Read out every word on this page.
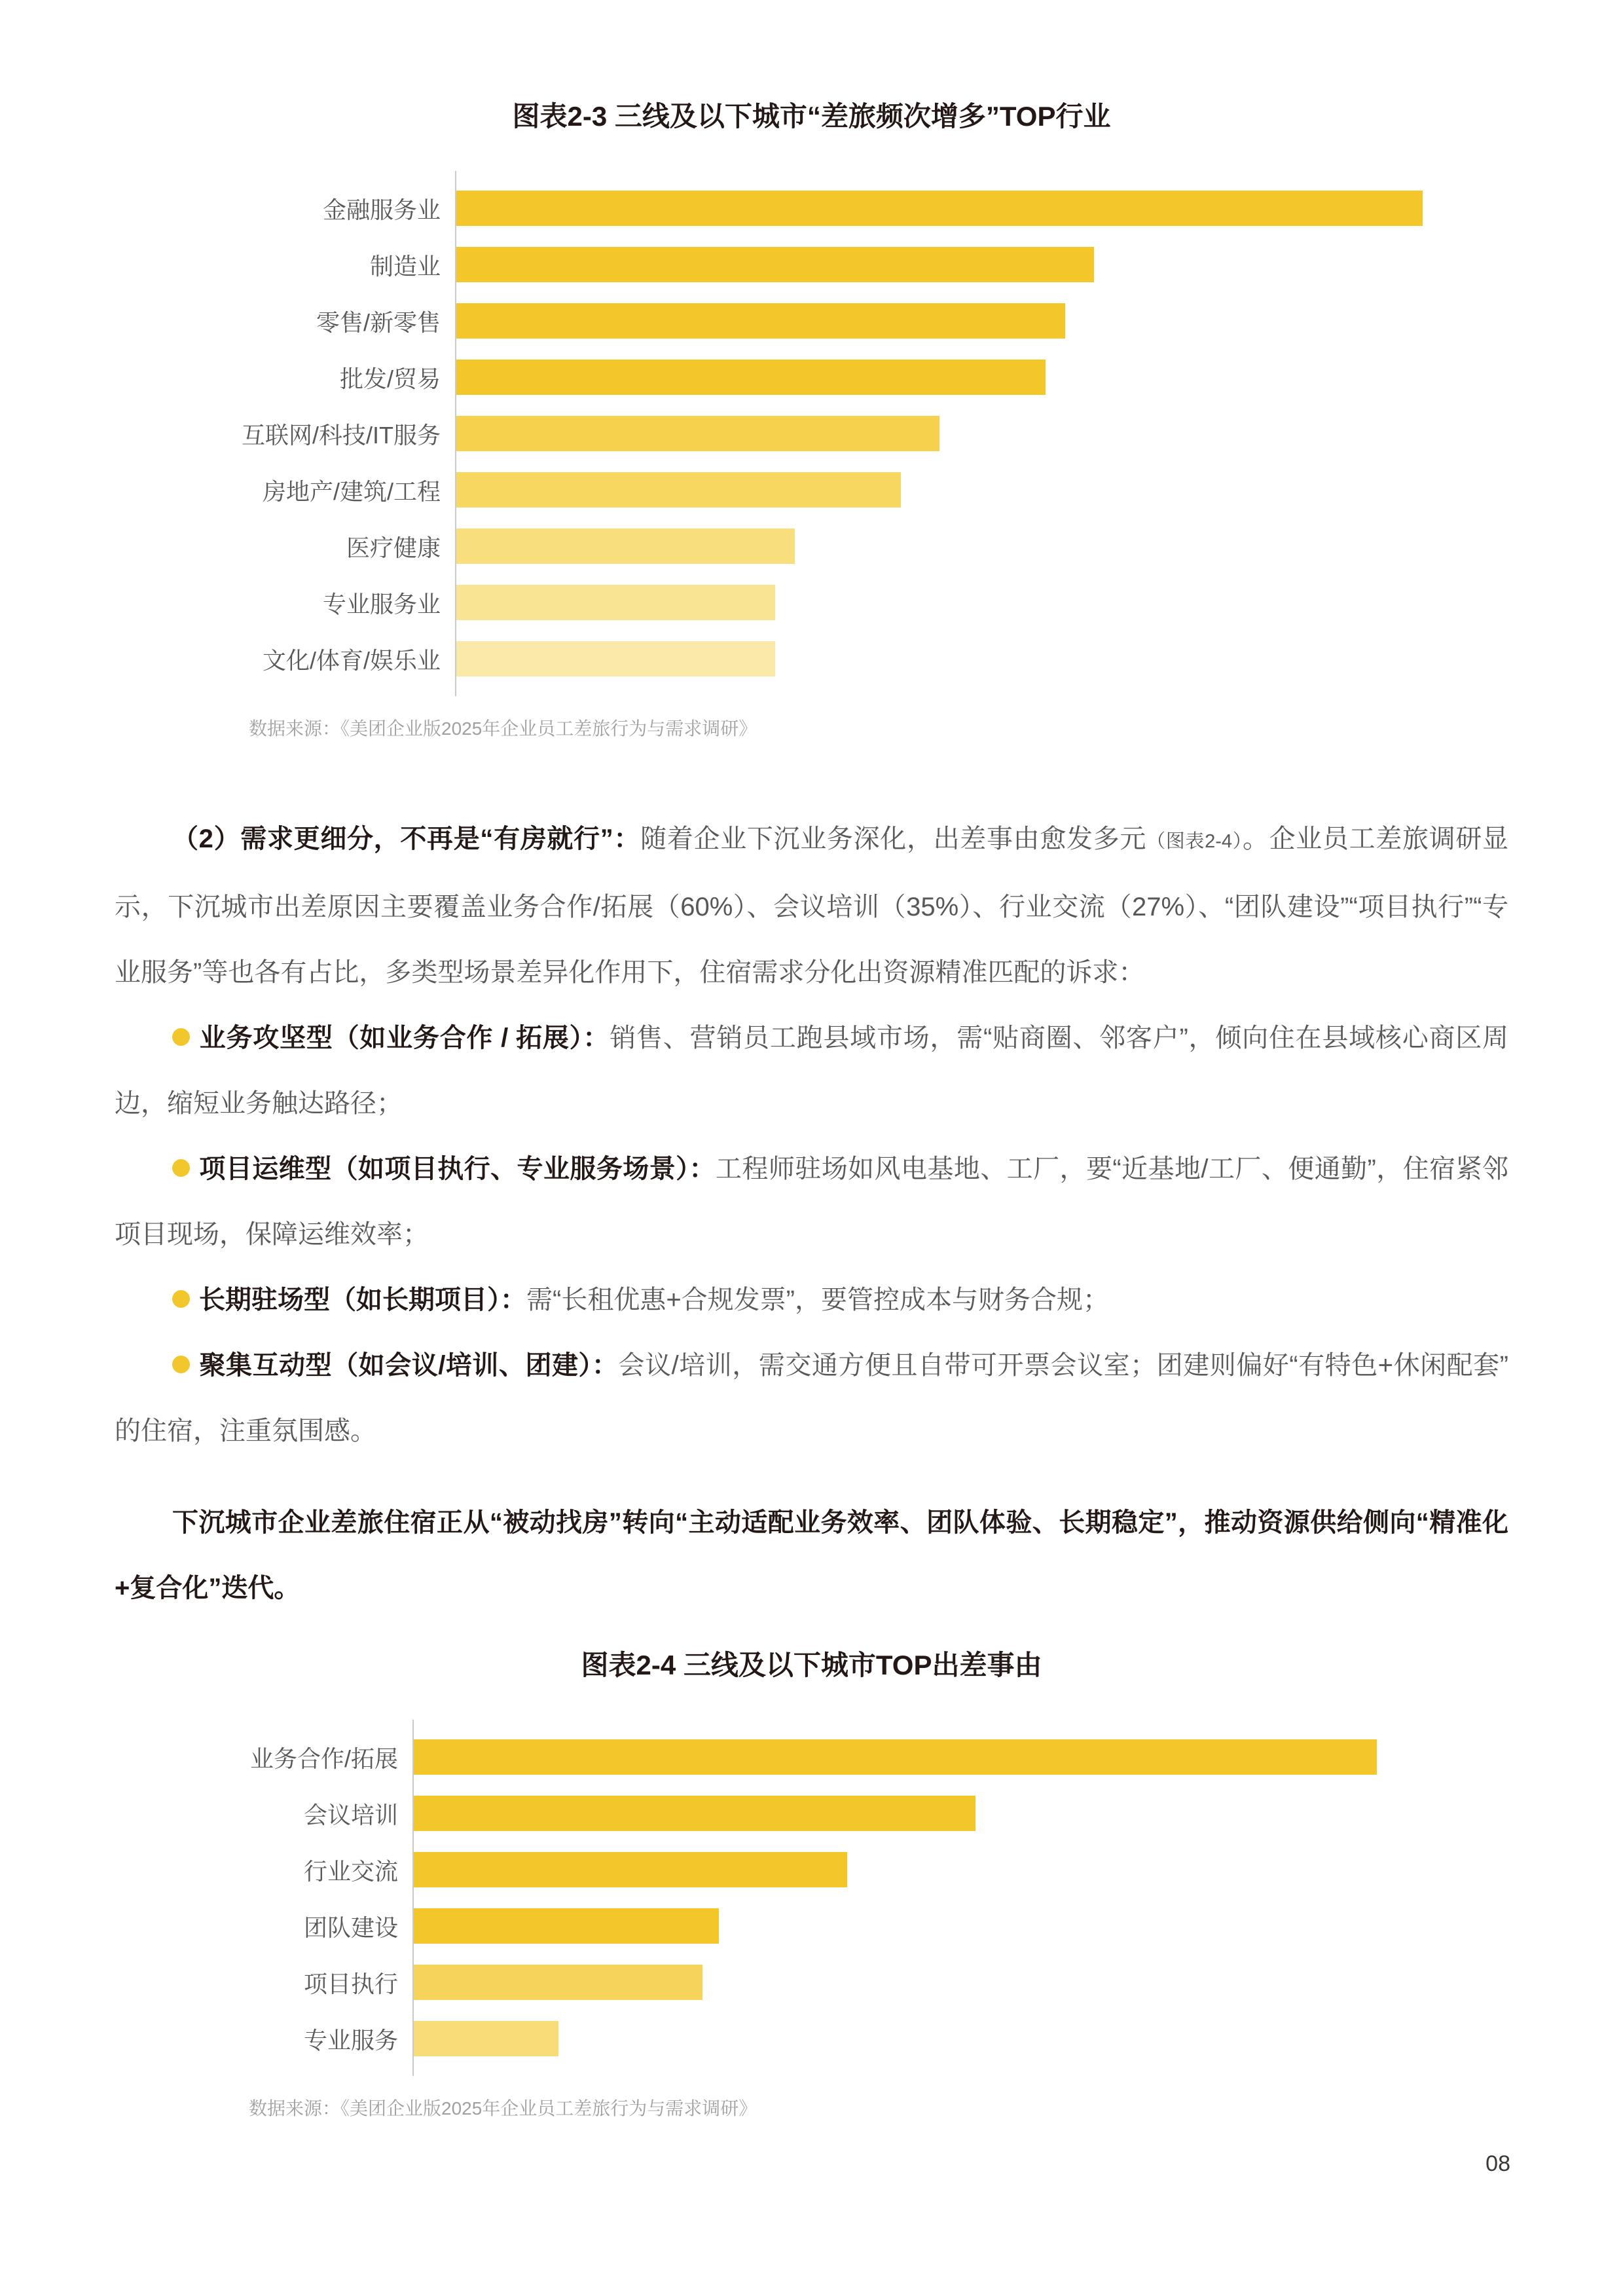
图表2-3 三线及以下城市“差旅频次增多”TOP行业
金融服务业
制造业
零售/新零售
批发/贸易
互联网/科技/IT服务
房地产/建筑/工程
医疗健康
专业服务业
文化/体育/娱乐业
数据来源：《美团企业版2025年企业员工差旅行为与需求调研》

（2）需求更细分，不再是“有房就行”：随着企业下沉业务深化，出差事由愈发多元（图表2-4）。企业员工差旅调研显示，下沉城市出差原因主要覆盖业务合作/拓展（60%）、会议培训（35%）、行业交流（27%）、“团队建设”“项目执行”“专业服务”等也各有占比，多类型场景差异化作用下，住宿需求分化出资源精准匹配的诉求：

业务攻坚型（如业务合作 / 拓展）：销售、营销员工跑县域市场，需“贴商圈、邻客户”，倾向住在县域核心商区周边，缩短业务触达路径；

项目运维型（如项目执行、专业服务场景）：工程师驻场如风电基地、工厂，要“近基地/工厂、便通勤”，住宿紧邻项目现场，保障运维效率；

长期驻场型（如长期项目）：需“长租优惠+合规发票”，要管控成本与财务合规；

聚集互动型（如会议/培训、团建）：会议/培训，需交通方便且自带可开票会议室；团建则偏好“有特色+休闲配套”的住宿，注重氛围感。

下沉城市企业差旅住宿正从“被动找房”转向“主动适配业务效率、团队体验、长期稳定”，推动资源供给侧向“精准化+复合化”迭代。

图表2-4 三线及以下城市TOP出差事由
业务合作/拓展
会议培训
行业交流
团队建设
项目执行
专业服务
数据来源：《美团企业版2025年企业员工差旅行为与需求调研》
08
